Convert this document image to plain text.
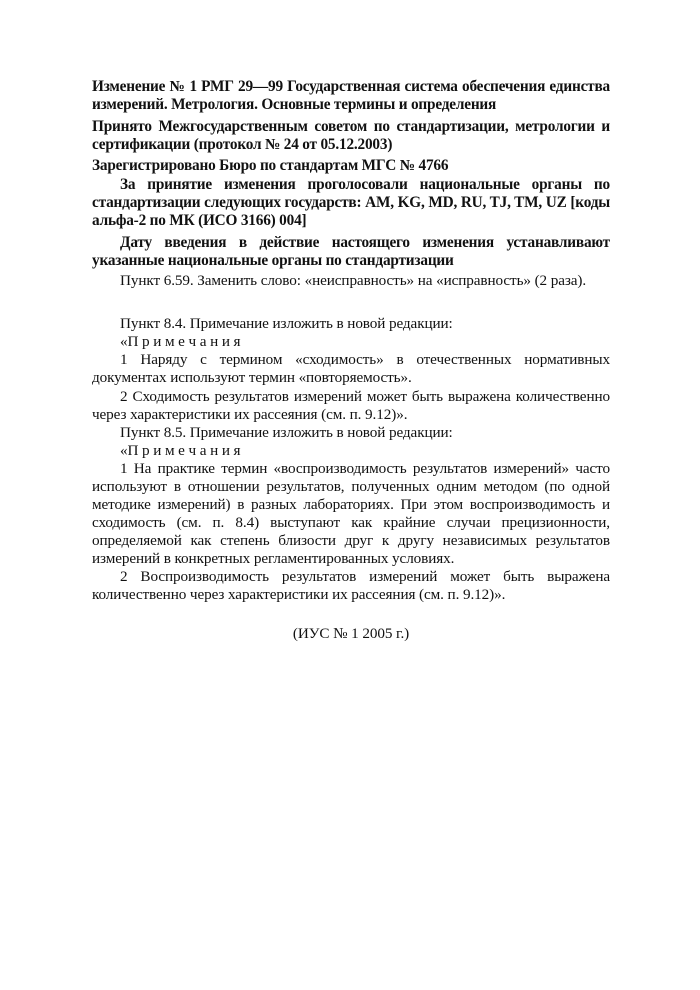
Изменение № 1 РМГ 29—99 Государственная система обеспечения единства измерений. Метрология. Основные термины и определения

Принято Межгосударственным советом по стандартизации, метрологии и сертификации (протокол № 24 от 05.12.2003)

Зарегистрировано Бюро по стандартам МГС № 4766

За принятие изменения проголосовали национальные органы по стандартизации следующих государств: AM, KG, MD, RU, TJ, TM, UZ [коды альфа-2 по МК (ИСО 3166) 004]

Дату введения в действие настоящего изменения устанавливают указанные национальные органы по стандартизации

Пункт 6.59. Заменить слово: «неисправность» на «исправность» (2 раза).

Пункт 8.4. Примечание изложить в новой редакции:

«П р и м е ч а н и я

1 Наряду с термином «сходимость» в отечественных нормативных документах используют термин «повторяемость».

2 Сходимость результатов измерений может быть выражена количественно через характеристики их рассеяния (см. п. 9.12)».

Пункт 8.5. Примечание изложить в новой редакции:

«П р и м е ч а н и я

1 На практике термин «воспроизводимость результатов измерений» часто используют в отношении результатов, полученных одним методом (по одной методике измерений) в разных лабораториях. При этом воспроизводимость и сходимость (см. п. 8.4) выступают как крайние случаи прецизионности, определяемой как степень близости друг к другу независимых результатов измерений в конкретных регламентированных условиях.

2 Воспроизводимость результатов измерений может быть выражена количественно через характеристики их рассеяния (см. п. 9.12)».

(ИУС № 1 2005 г.)
